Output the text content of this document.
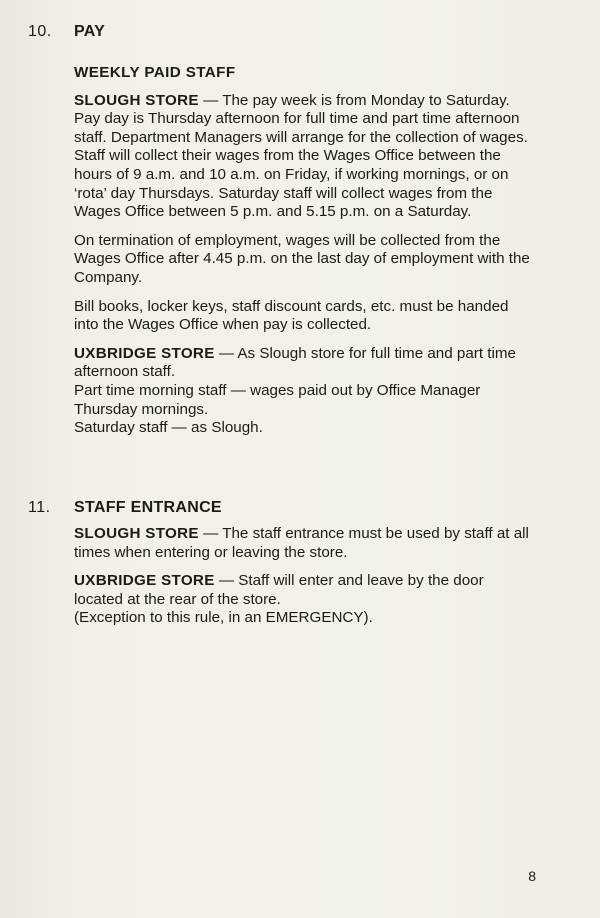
10. PAY
WEEKLY PAID STAFF

SLOUGH STORE — The pay week is from Monday to Saturday. Pay day is Thursday afternoon for full time and part time afternoon staff. Department Managers will arrange for the collection of wages. Staff will collect their wages from the Wages Office between the hours of 9 a.m. and 10 a.m. on Friday, if working mornings, or on ‘rota’ day Thursdays. Saturday staff will collect wages from the Wages Office between 5 p.m. and 5.15 p.m. on a Saturday.

On termination of employment, wages will be collected from the Wages Office after 4.45 p.m. on the last day of employment with the Company.

Bill books, locker keys, staff discount cards, etc. must be handed into the Wages Office when pay is collected.

UXBRIDGE STORE — As Slough store for full time and part time afternoon staff.
Part time morning staff — wages paid out by Office Manager Thursday mornings.
Saturday staff — as Slough.

11. STAFF ENTRANCE

SLOUGH STORE — The staff entrance must be used by staff at all times when entering or leaving the store.

UXBRIDGE STORE — Staff will enter and leave by the door located at the rear of the store.
(Exception to this rule, in an EMERGENCY).

8
